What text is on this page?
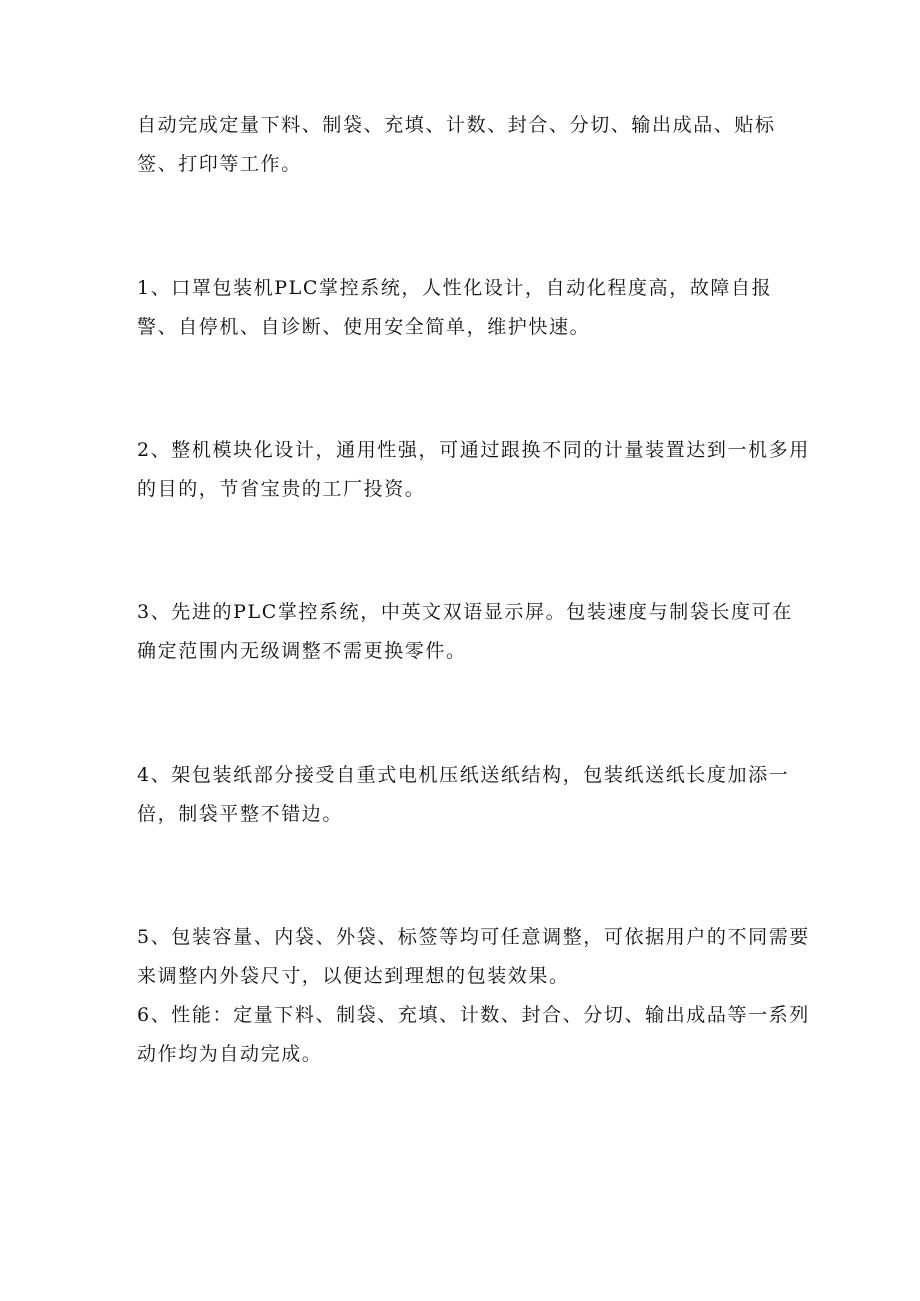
自动完成定量下料、制袋、充填、计数、封合、分切、输出成品、贴标签、打印等工作。

1、口罩包装机PLC掌控系统，人性化设计，自动化程度高，故障自报警、自停机、自诊断、使用安全简单，维护快速。

2、整机模块化设计，通用性强，可通过跟换不同的计量装置达到一机多用的目的，节省宝贵的工厂投资。

3、先进的PLC掌控系统，中英文双语显示屏。包装速度与制袋长度可在确定范围内无级调整不需更换零件。

4、架包装纸部分接受自重式电机压纸送纸结构，包装纸送纸长度加添一倍，制袋平整不错边。

5、包装容量、内袋、外袋、标签等均可任意调整，可依据用户的不同需要来调整内外袋尺寸，以便达到理想的包装效果。

6、性能：定量下料、制袋、充填、计数、封合、分切、输出成品等一系列动作均为自动完成。
